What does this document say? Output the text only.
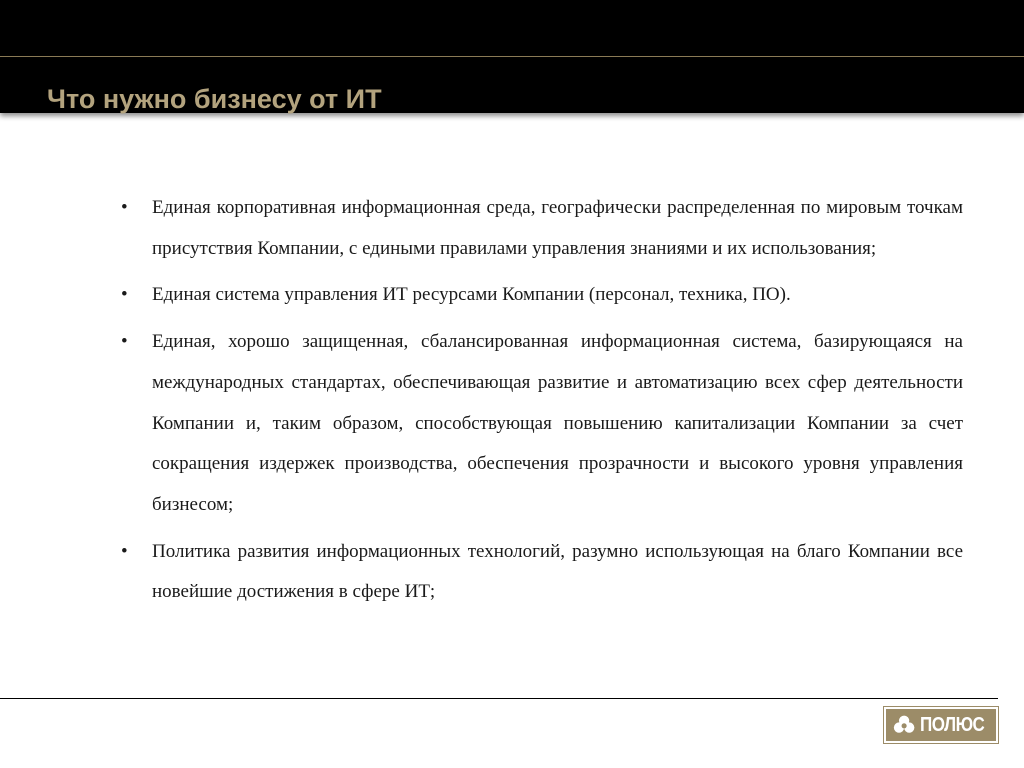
Что нужно бизнесу от ИТ
• Единая корпоративная информационная среда, географически распределенная по мировым точкам присутствия Компании, с едиными правилами управления знаниями и их использования;
• Единая система управления ИТ ресурсами Компании (персонал, техника, ПО).
• Единая, хорошо защищенная, сбалансированная информационная система, базирующаяся на международных стандартах, обеспечивающая развитие и автоматизацию всех сфер деятельности Компании и, таким образом, способствующая повышению капитализации Компании за счет сокращения издержек производства, обеспечения прозрачности и высокого уровня управления бизнесом;
• Политика развития информационных технологий, разумно использующая на благо Компании все новейшие достижения в сфере ИТ;
ПОЛЮС
